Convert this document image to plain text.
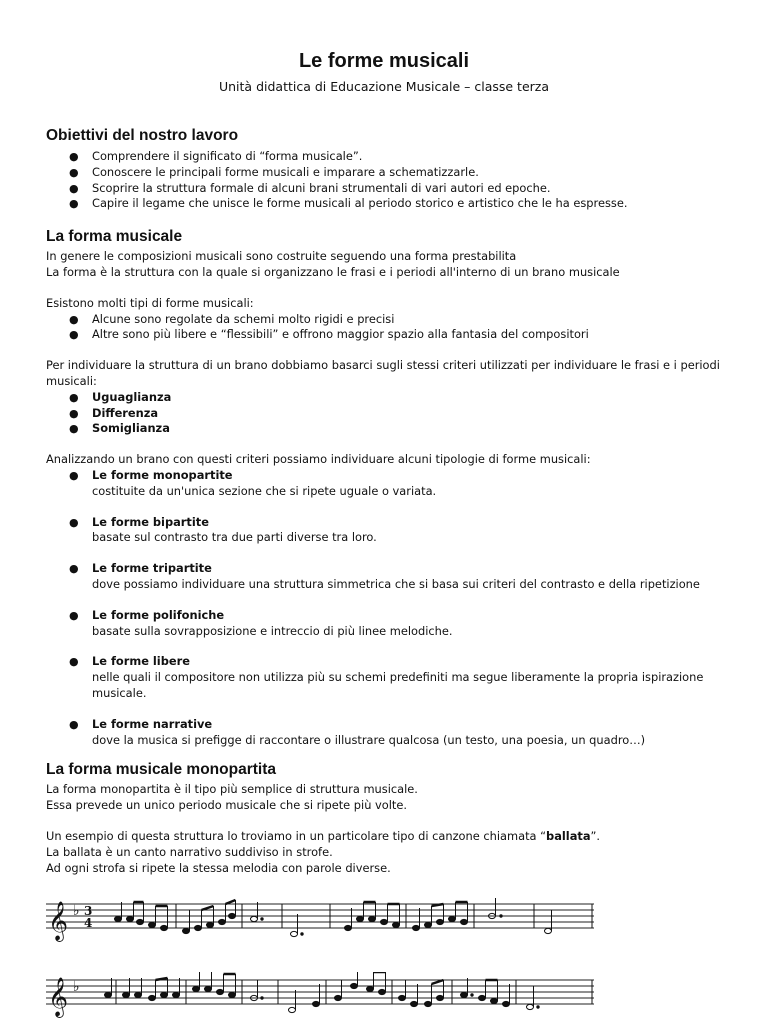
Le forme musicali
Unità didattica di Educazione Musicale – classe terza
Obiettivi del nostro lavoro
● Comprendere il significato di “forma musicale”.
● Conoscere le principali forme musicali e imparare a schematizzarle.
● Scoprire la struttura formale di alcuni brani strumentali di vari autori ed epoche.
● Capire il legame che unisce le forme musicali al periodo storico e artistico che le ha espresse.
La forma musicale

In genere le composizioni musicali sono costruite seguendo una forma prestabilita

La forma è la struttura con la quale si organizzano le frasi e i periodi all'interno di un brano musicale

Esistono molti tipi di forme musicali:

● Alcune sono regolate da schemi molto rigidi e precisi
● Altre sono più libere e “flessibili” e offrono maggior spazio alla fantasia del compositori

Per individuare la struttura di un brano dobbiamo basarci sugli stessi criteri utilizzati per individuare le frasi e i periodi musicali:

● Uguaglianza
● Differenza
● Somiglianza

Analizzando un brano con questi criteri possiamo individuare alcuni tipologie di forme musicali:

● Le forme monopartite
costituite da un'unica sezione che si ripete uguale o variata.
● Le forme bipartite
basate sul contrasto tra due parti diverse tra loro.
● Le forme tripartite
dove possiamo individuare una struttura simmetrica che si basa sui criteri del contrasto e della ripetizione
● Le forme polifoniche
basate sulla sovrapposizione e intreccio di più linee melodiche.
● Le forme libere
nelle quali il compositore non utilizza più su schemi predefiniti ma segue liberamente la propria ispirazione musicale.
● Le forme narrative
dove la musica si prefigge di raccontare o illustrare qualcosa (un testo, una poesia, un quadro…)
La forma musicale monopartita

La forma monopartita è il tipo più semplice di struttura musicale.

Essa prevede un unico periodo musicale che si ripete più volte.

Un esempio di questa struttura lo troviamo in un particolare tipo di canzone chiamata “ballata”.

La ballata è un canto narrativo suddiviso in strofe.

Ad ogni strofa si ripete la stessa melodia con parole diverse.

𝄞 ♭ 3
4
𝄞 ♭
